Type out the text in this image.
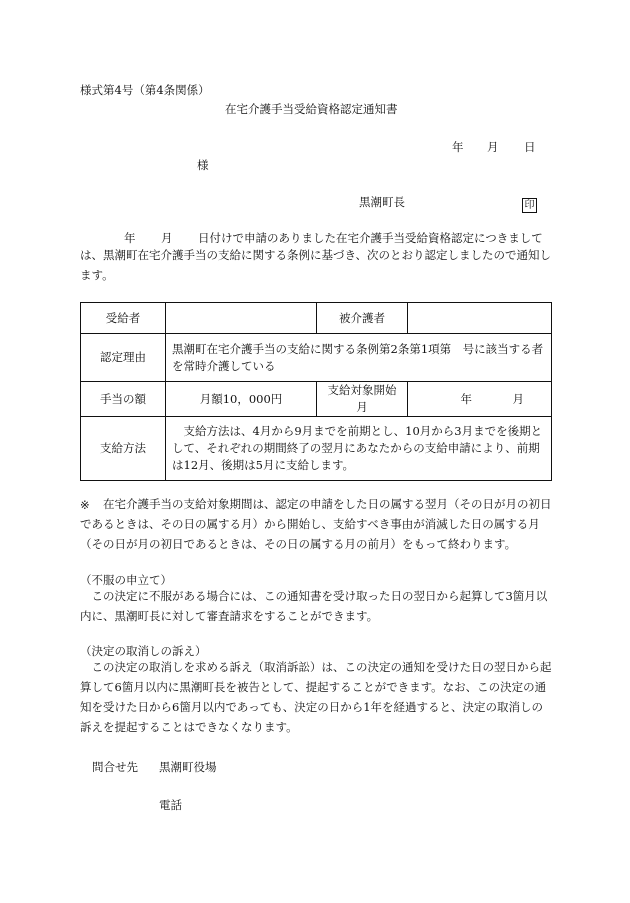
様式第4号（第4条関係）
在宅介護手当受給資格認定通知書
年 月 日
様
黒潮町長	印
年 月 日付けで申請のありました在宅介護手当受給資格認定につきまして
は、黒潮町在宅介護手当の支給に関する条例に基づき、次のとおり認定しましたので通知します。
受給者		被介護者	
認定理由	黒潮町在宅介護手当の支給に関する条例第2条第1項第　号に該当する者を常時介護している		
手当の額	月額10，000円	支給対象開始月	年 月
支給方法	支給方法は、4月から9月までを前期とし、10月から3月までを後期として、それぞれの期間終了の翌月にあなたからの支給申請により、前期は12月、後期は5月に支給します。		
※	在宅介護手当の支給対象期間は、認定の申請をした日の属する翌月（その日が月の初日であるときは、その日の属する月）から開始し、支給すべき事由が消滅した日の属する月（その日が月の初日であるときは、その日の属する月の前月）をもって終わります。
（不服の申立て）
この決定に不服がある場合には、この通知書を受け取った日の翌日から起算して3箇月以内に、黒潮町長に対して審査請求をすることができます。
（決定の取消しの訴え）
この決定の取消しを求める訴え（取消訴訟）は、この決定の通知を受けた日の翌日から起算して6箇月以内に黒潮町長を被告として、提起することができます。なお、この決定の通知を受けた日から6箇月以内であっても、決定の日から1年を経過すると、決定の取消しの訴えを提起することはできなくなります。
問合せ先 黒潮町役場
電話
